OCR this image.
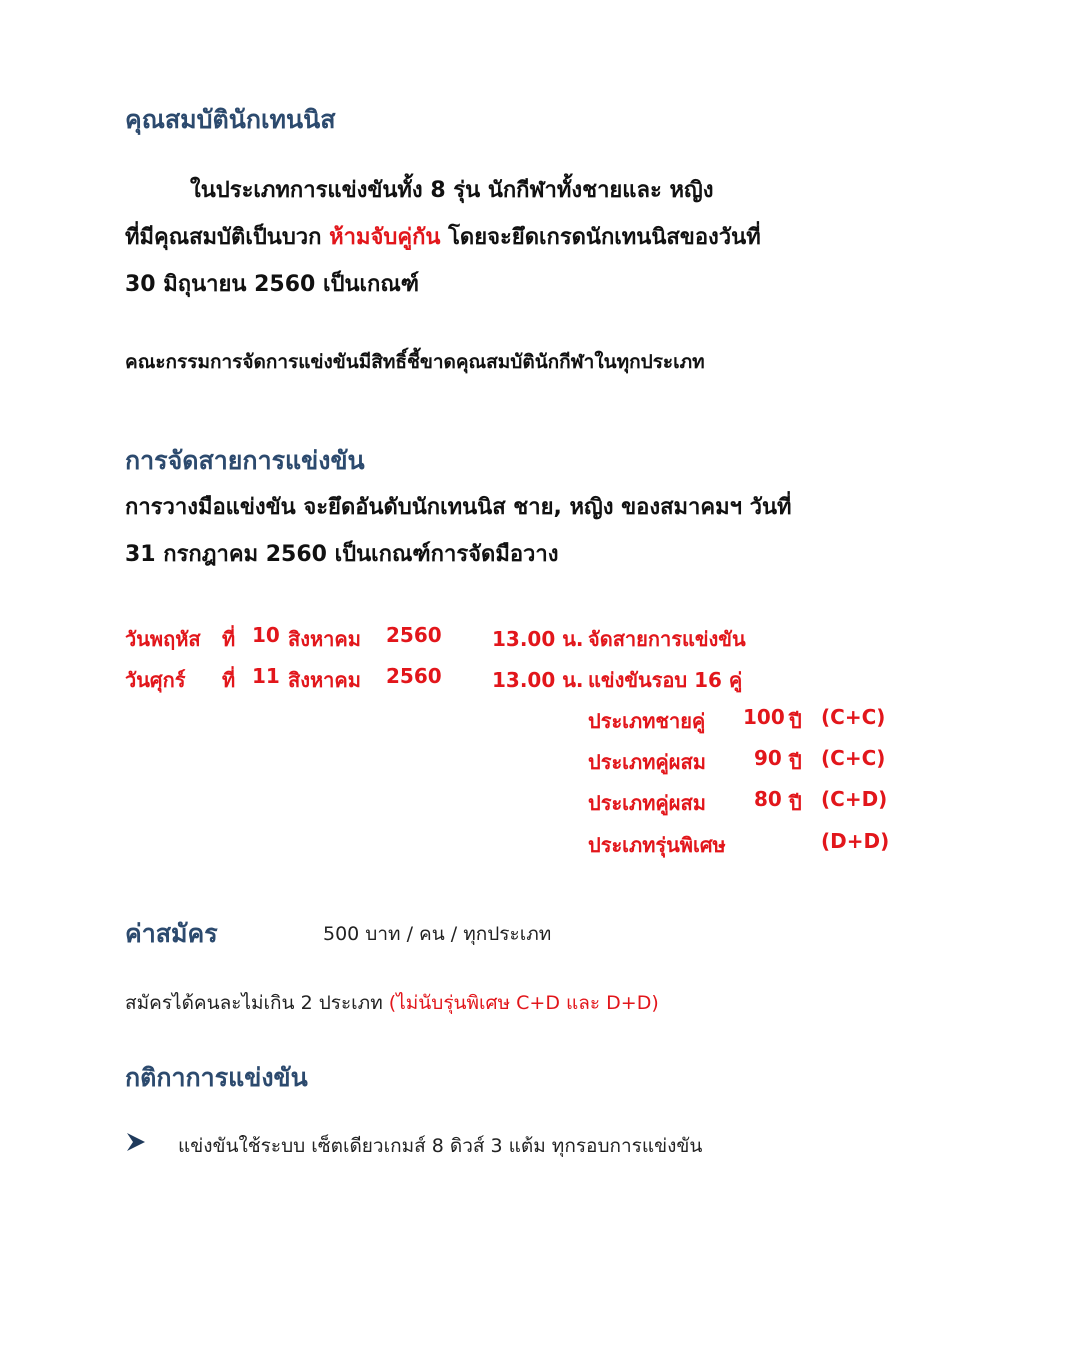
คุณสมบัตินักเทนนิส
ในประเภทการแข่งขันทั้ง 8 รุ่น นักกีฬาทั้งชายและ หญิง
ที่มีคุณสมบัติเป็นบวก ห้ามจับคู่กัน โดยจะยึดเกรดนักเทนนิสของวันที่
30 มิถุนายน 2560 เป็นเกณฑ์
คณะกรรมการจัดการแข่งขันมีสิทธิ์ชี้ขาดคุณสมบัตินักกีฬาในทุกประเภท
การจัดสายการแข่งขัน
การวางมือแข่งขัน จะยึดอันดับนักเทนนิส ชาย, หญิง ของสมาคมฯ วันที่
31 กรกฎาคม 2560 เป็นเกณฑ์การจัดมือวาง
วันพฤหัส ที่ 10 สิงหาคม 2560	13.00 น. จัดสายการแข่งขัน
วันศุกร์ ที่ 11 สิงหาคม 2560	13.00 น. แข่งขันรอบ 16 คู่
ประเภทชายคู่ 100 ปี (C+C)
ประเภทคู่ผสม 90 ปี (C+C)
ประเภทคู่ผสม 80 ปี (C+D)
ประเภทรุ่นพิเศษ	(D+D)
ค่าสมัคร	500 บาท / คน / ทุกประเภท
สมัครได้คนละไม่เกิน 2 ประเภท (ไม่นับรุ่นพิเศษ C+D และ D+D)
กติกาการแข่งขัน
แข่งขันใช้ระบบ เซ็ตเดียวเกมส์ 8 ดิวส์ 3 แต้ม ทุกรอบการแข่งขัน
